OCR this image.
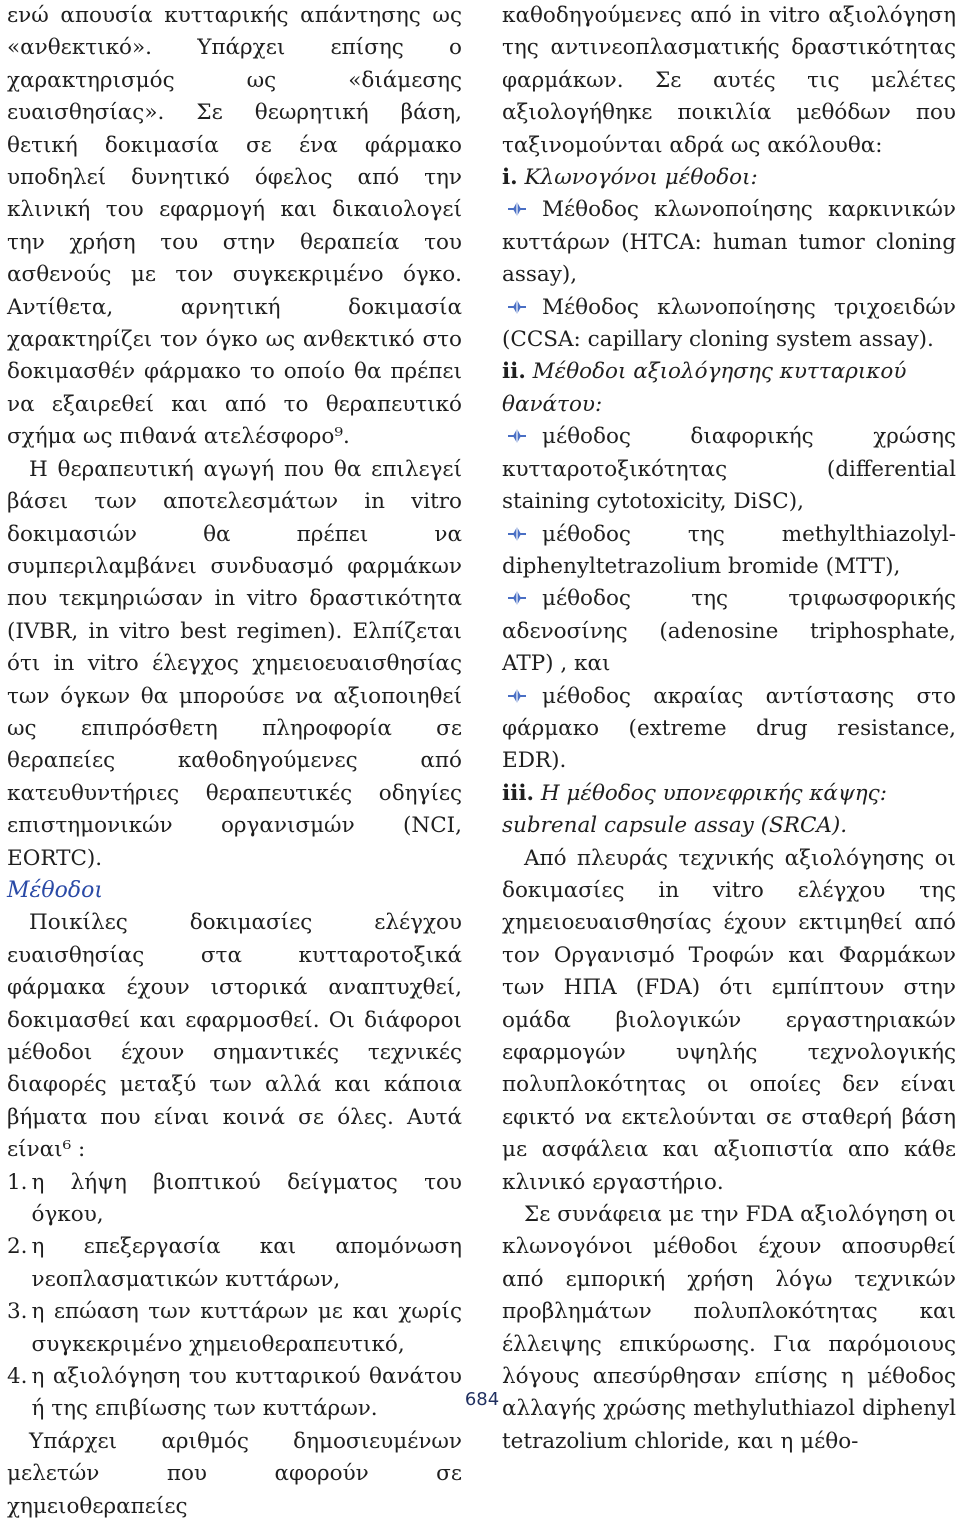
ενώ απουσία κυτταρικής απάντησης ως «ανθεκτικό». Υπάρχει επίσης ο χαρακτηρισμός ως «διάμεσης ευαισθησίας». Σε θεωρητική βάση, θετική δοκιμασία σε ένα φάρμακο υποδηλεί δυνητικό όφελος από την κλινική του εφαρμογή και δικαιολογεί την χρήση του στην θεραπεία του ασθενούς με τον συγκεκριμένο όγκο. Αντίθετα, αρνητική δοκιμασία χαρακτηρίζει τον όγκο ως ανθεκτικό στο δοκιμασθέν φάρμακο το οποίο θα πρέπει να εξαιρεθεί και από το θεραπευτικό σχήμα ως πιθανά ατελέσφορο⁹.

Η θεραπευτική αγωγή που θα επιλεγεί βάσει των αποτελεσμάτων in vitro δοκιμασιών θα πρέπει να συμπεριλαμβάνει συνδυασμό φαρμάκων που τεκμηριώσαν in vitro δραστικότητα (IVBR, in vitro best regimen). Ελπίζεται ότι in vitro έλεγχος χημειοευαισθησίας των όγκων θα μπορούσε να αξιοποιηθεί ως επιπρόσθετη πληροφορία σε θεραπείες καθοδηγούμενες από κατευθυντήριες θεραπευτικές οδηγίες επιστημονικών οργανισμών (NCI, EORTC).

Μέθοδοι

Ποικίλες δοκιμασίες ελέγχου ευαισθησίας στα κυτταροτοξικά φάρμακα έχουν ιστορικά αναπτυχθεί, δοκιμασθεί και εφαρμοσθεί. Οι διάφοροι μέθοδοι έχουν σημαντικές τεχνικές διαφορές μεταξύ των αλλά και κάποια βήματα που είναι κοινά σε όλες. Αυτά είναι⁶ :

1. η λήψη βιοπτικού δείγματος του όγκου,
2. η επεξεργασία και απομόνωση νεοπλασματικών κυττάρων,
3. η επώαση των κυττάρων με και χωρίς συγκεκριμένο χημειοθεραπευτικό,
4. η αξιολόγηση του κυτταρικού θανάτου ή της επιβίωσης των κυττάρων.

Υπάρχει αριθμός δημοσιευμένων μελετών που αφορούν σε χημειοθεραπείες

καθοδηγούμενες από in vitro αξιολόγηση της αντινεοπλασματικής δραστικότητας φαρμάκων. Σε αυτές τις μελέτες αξιολογήθηκε ποικιλία μεθόδων που ταξινομούνται αδρά ως ακόλουθα:

i. Κλωνογόνοι μέθοδοι:
Μέθοδος κλωνοποίησης καρκινικών κυττάρων (HTCA: human tumor cloning assay),
Μέθοδος κλωνοποίησης τριχοειδών (CCSA: capillary cloning system assay).
ii. Μέθοδοι αξιολόγησης κυτταρικού θανάτου:
μέθοδος διαφορικής χρώσης κυτταροτοξικότητας (differential staining cytotoxicity, DiSC),
μέθοδος της methylthiazolyl-diphenyltetrazolium bromide (MTT),
μέθοδος της τριφωσφορικής αδενοσίνης (adenosine triphosphate, ATP) , και
μέθοδος ακραίας αντίστασης στο φάρμακο (extreme drug resistance, EDR).
iii. Η μέθοδος υπονεφρικής κάψης: subrenal capsule assay (SRCA).

Από πλευράς τεχνικής αξιολόγησης οι δοκιμασίες in vitro ελέγχου της χημειοευαισθησίας έχουν εκτιμηθεί από τον Οργανισμό Τροφών και Φαρμάκων των ΗΠΑ (FDA) ότι εμπίπτουν στην ομάδα βιολογικών εργαστηριακών εφαρμογών υψηλής τεχνολογικής πολυπλοκότητας οι οποίες δεν είναι εφικτό να εκτελούνται σε σταθερή βάση με ασφάλεια και αξιοπιστία απο κάθε κλινικό εργαστήριο.

Σε συνάφεια με την FDA αξιολόγηση οι κλωνογόνοι μέθοδοι έχουν αποσυρθεί από εμπορική χρήση λόγω τεχνικών προβλημάτων πολυπλοκότητας και έλλειψης επικύρωσης. Για παρόμοιους λόγους απεσύρθησαν επίσης η μέθοδος αλλαγής χρώσης methyluthiazol diphenyl tetrazolium chloride, και η μέθο-

684
